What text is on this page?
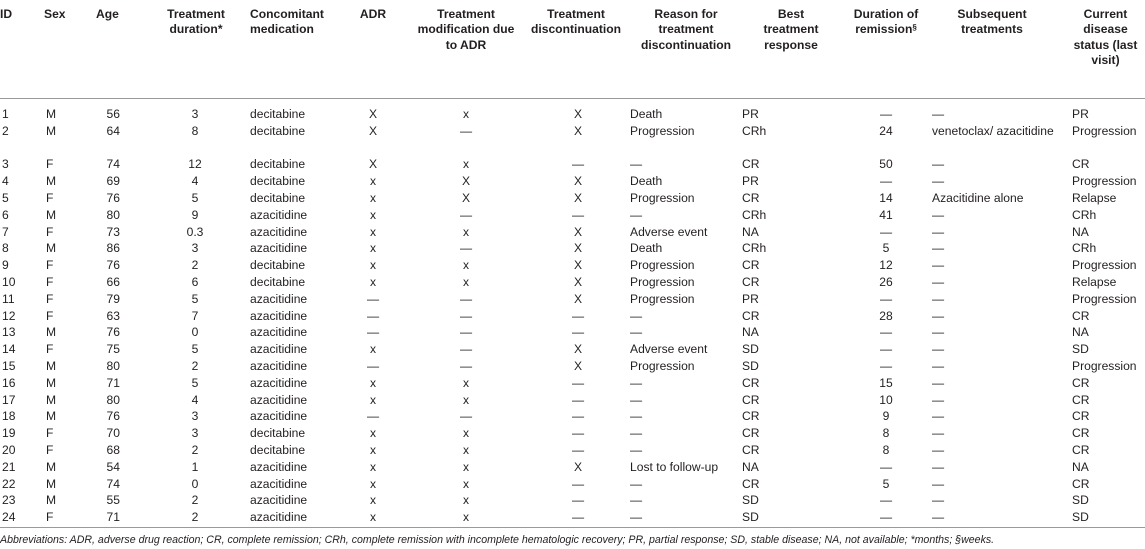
ID	Sex	Age	Treatment duration*	Concomitant medication	ADR	Treatment modification due to ADR	Treatment discontinuation	Reason for treatment discontinuation	Best treatment response	Duration of remission§	Subsequent treatments	Current disease status (last visit)
1	M	56	3	decitabine	X	x	X	Death	PR	—	—	PR
2	M	64	8	decitabine	X	—	X	Progression	CRh	24	venetoclax/ azacitidine	Progression
3	F	74	12	decitabine	X	x	—	—	CR	50	—	CR
4	M	69	4	decitabine	x	X	X	Death	PR	—	—	Progression
5	F	76	5	decitabine	x	X	X	Progression	CR	14	Azacitidine alone	Relapse
6	M	80	9	azacitidine	x	—	—	—	CRh	41	—	CRh
7	F	73	0.3	azacitidine	x	x	X	Adverse event	NA	—	—	NA
8	M	86	3	azacitidine	x	—	X	Death	CRh	5	—	CRh
9	F	76	2	decitabine	x	x	X	Progression	CR	12	—	Progression
10	F	66	6	decitabine	x	x	X	Progression	CR	26	—	Relapse
11	F	79	5	azacitidine	—	—	X	Progression	PR	—	—	Progression
12	F	63	7	azacitidine	—	—	—	—	CR	28	—	CR
13	M	76	0	azacitidine	—	—	—	—	NA	—	—	NA
14	F	75	5	azacitidine	x	—	X	Adverse event	SD	—	—	SD
15	M	80	2	azacitidine	—	—	X	Progression	SD	—	—	Progression
16	M	71	5	azacitidine	x	x	—	—	CR	15	—	CR
17	M	80	4	azacitidine	x	x	—	—	CR	10	—	CR
18	M	76	3	azacitidine	—	—	—	—	CR	9	—	CR
19	F	70	3	decitabine	x	x	—	—	CR	8	—	CR
20	F	68	2	decitabine	x	x	—	—	CR	8	—	CR
21	M	54	1	azacitidine	x	x	X	Lost to follow-up	NA	—	—	NA
22	M	74	0	azacitidine	x	x	—	—	CR	5	—	CR
23	M	55	2	azacitidine	x	x	—	—	SD	—	—	SD
24	F	71	2	azacitidine	x	x	—	—	SD	—	—	SD
Abbreviations: ADR, adverse drug reaction; CR, complete remission; CRh, complete remission with incomplete hematologic recovery; PR, partial response; SD, stable disease; NA, not available; *months; §weeks.
